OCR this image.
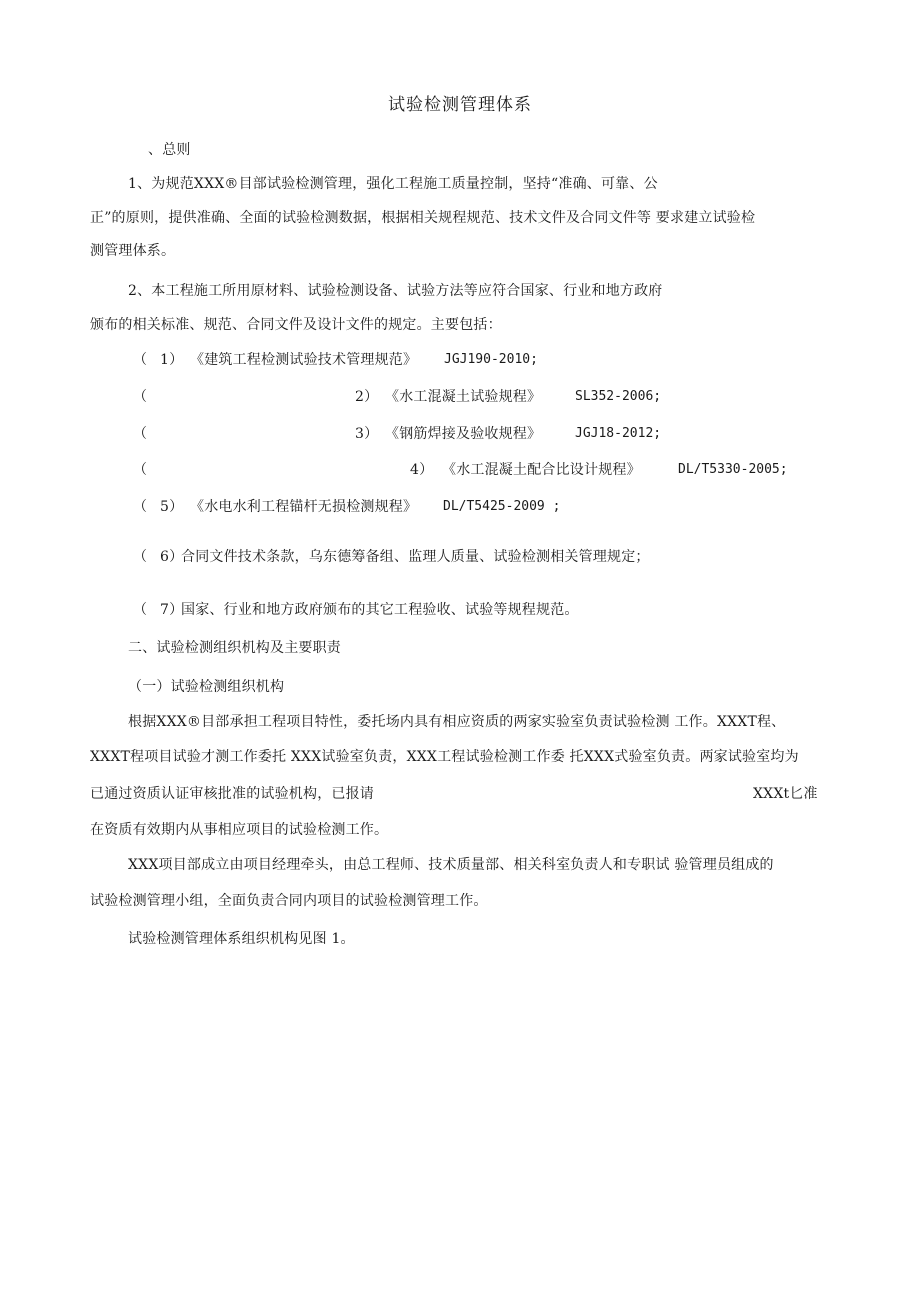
试验检测管理体系
、总则
1、为规范XXX®目部试验检测管理，强化工程施工质量控制，坚持“准确、可靠、公
正”的原则，提供准确、全面的试验检测数据，根据相关规程规范、技术文件及合同文件等 要求建立试验检
测管理体系。
2、本工程施工所用原材料、试验检测设备、试验方法等应符合国家、行业和地方政府
颁布的相关标准、规范、合同文件及设计文件的规定。主要包括：
（ 1） 《建筑工程检测试验技术管理规范》 JGJ190-2010;
（	2） 《水工混凝土试验规程》	SL352-2006;
（	3） 《钢筋焊接及验收规程》	JGJ18-2012;
（	4） 《水工混凝土配合比设计规程》	DL/T5330-2005;
（ 5） 《水电水利工程锚杆无损检测规程》 DL/T5425-2009 ;
（ 6）
合同文件技术条款，乌东德筹备组、监理人质量、试验检测相关管理规定；
（ 7）
国家、行业和地方政府颁布的其它工程验收、试验等规程规范。
二、试验检测组织机构及主要职责
（一）试验检测组织机构
根据XXX®目部承担工程项目特性，委托场内具有相应资质的两家实验室负责试验检测 工作。XXXT程、
XXXT程项目试验才测工作委托 XXX试验室负责，XXX工程试验检测工作委 托XXX式验室负责。两家试验室均为
已通过资质认证审核批准的试验机构，已报请	XXXt匕准
在资质有效期内从事相应项目的试验检测工作。
XXX项目部成立由项目经理牵头，由总工程师、技术质量部、相关科室负责人和专职试 验管理员组成的
试验检测管理小组，全面负责合同内项目的试验检测管理工作。
试验检测管理体系组织机构见图 1。
